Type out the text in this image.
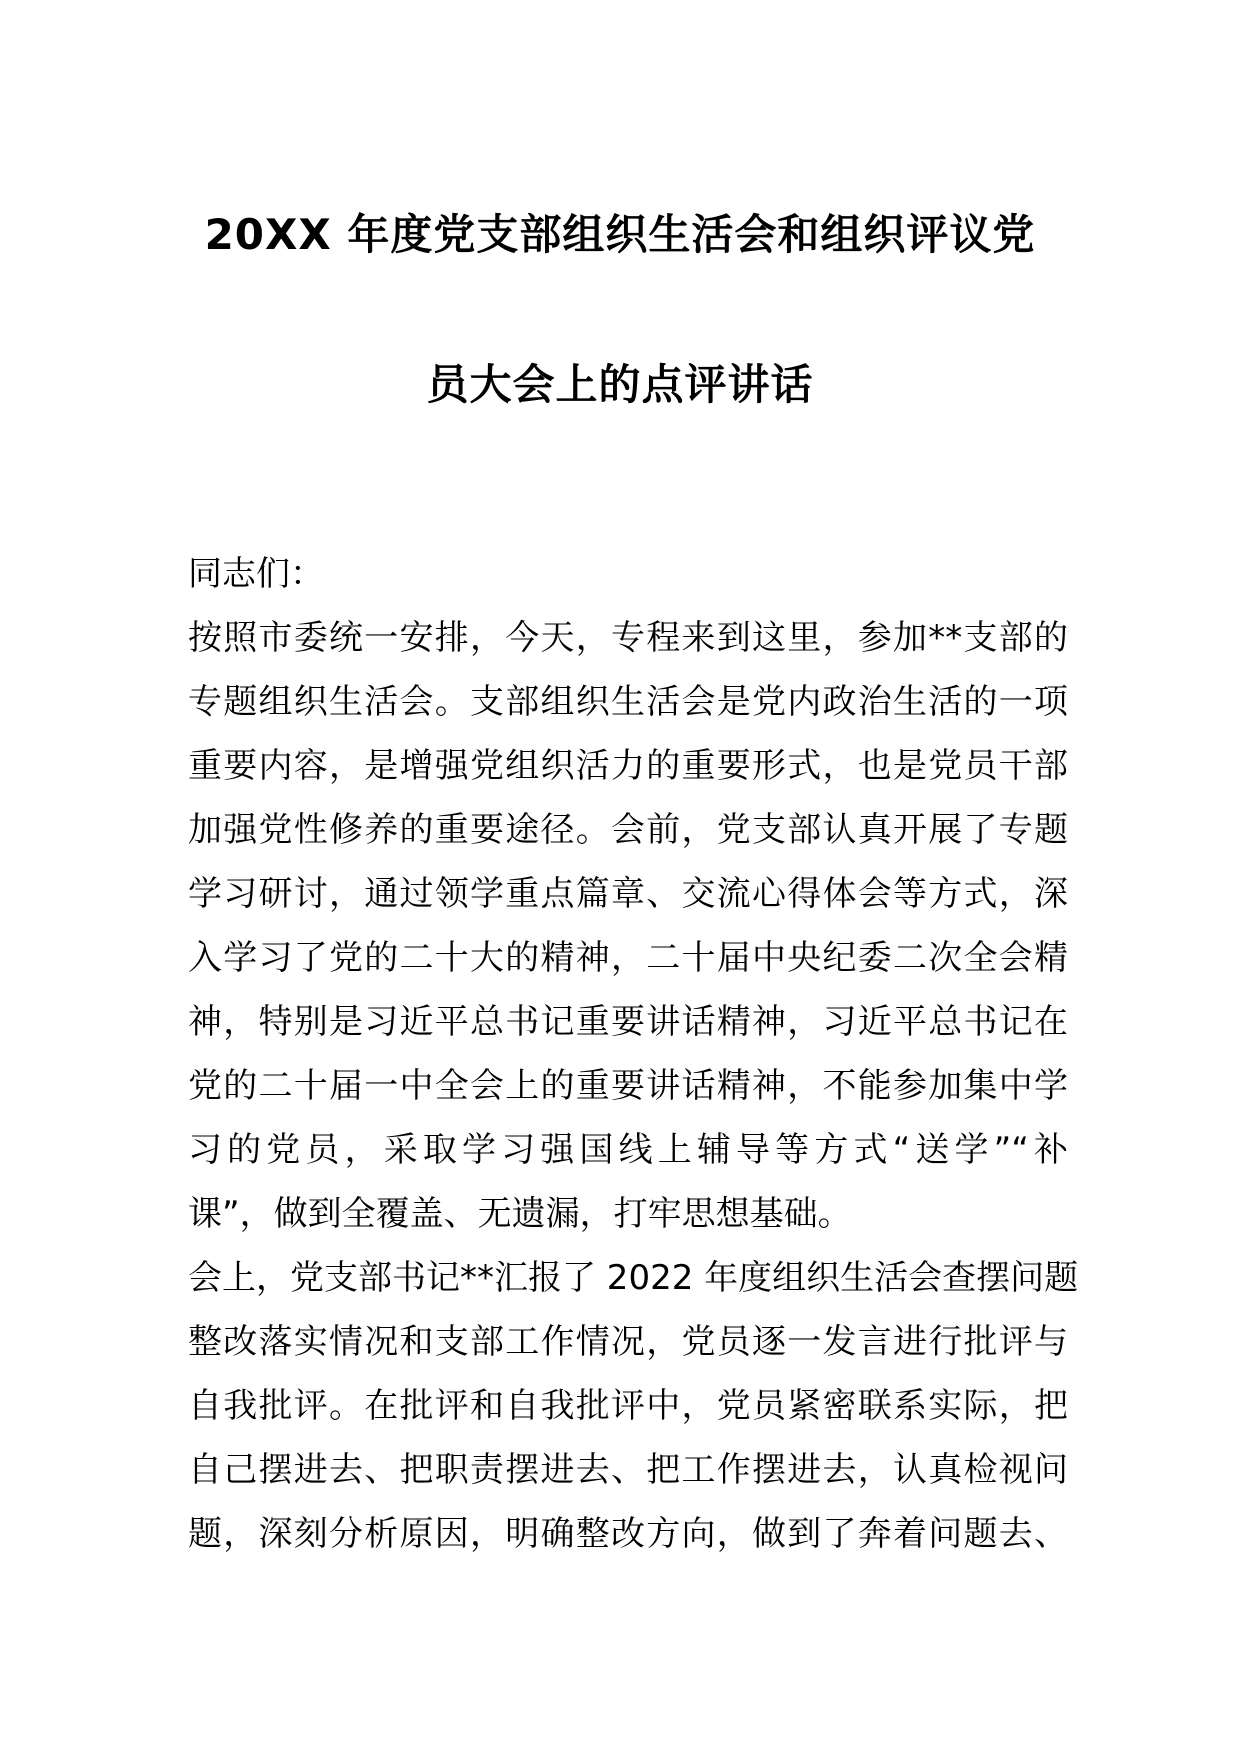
20XX 年度党支部组织生活会和组织评议党
员大会上的点评讲话
同志们：
按照市委统一安排，今天，专程来到这里，参加**支部的
专题组织生活会。支部组织生活会是党内政治生活的一项
重要内容，是增强党组织活力的重要形式，也是党员干部
加强党性修养的重要途径。会前，党支部认真开展了专题
学习研讨，通过领学重点篇章、交流心得体会等方式，深
入学习了党的二十大的精神，二十届中央纪委二次全会精
神，特别是习近平总书记重要讲话精神，习近平总书记在
党的二十届一中全会上的重要讲话精神，不能参加集中学
习的党员，采取学习强国线上辅导等方式“送学”“补
课”，做到全覆盖、无遗漏，打牢思想基础。
会上，党支部书记**汇报了 2022 年度组织生活会查摆问题
整改落实情况和支部工作情况，党员逐一发言进行批评与
自我批评。在批评和自我批评中，党员紧密联系实际，把
自己摆进去、把职责摆进去、把工作摆进去，认真检视问
题，深刻分析原因，明确整改方向，做到了奔着问题去、
